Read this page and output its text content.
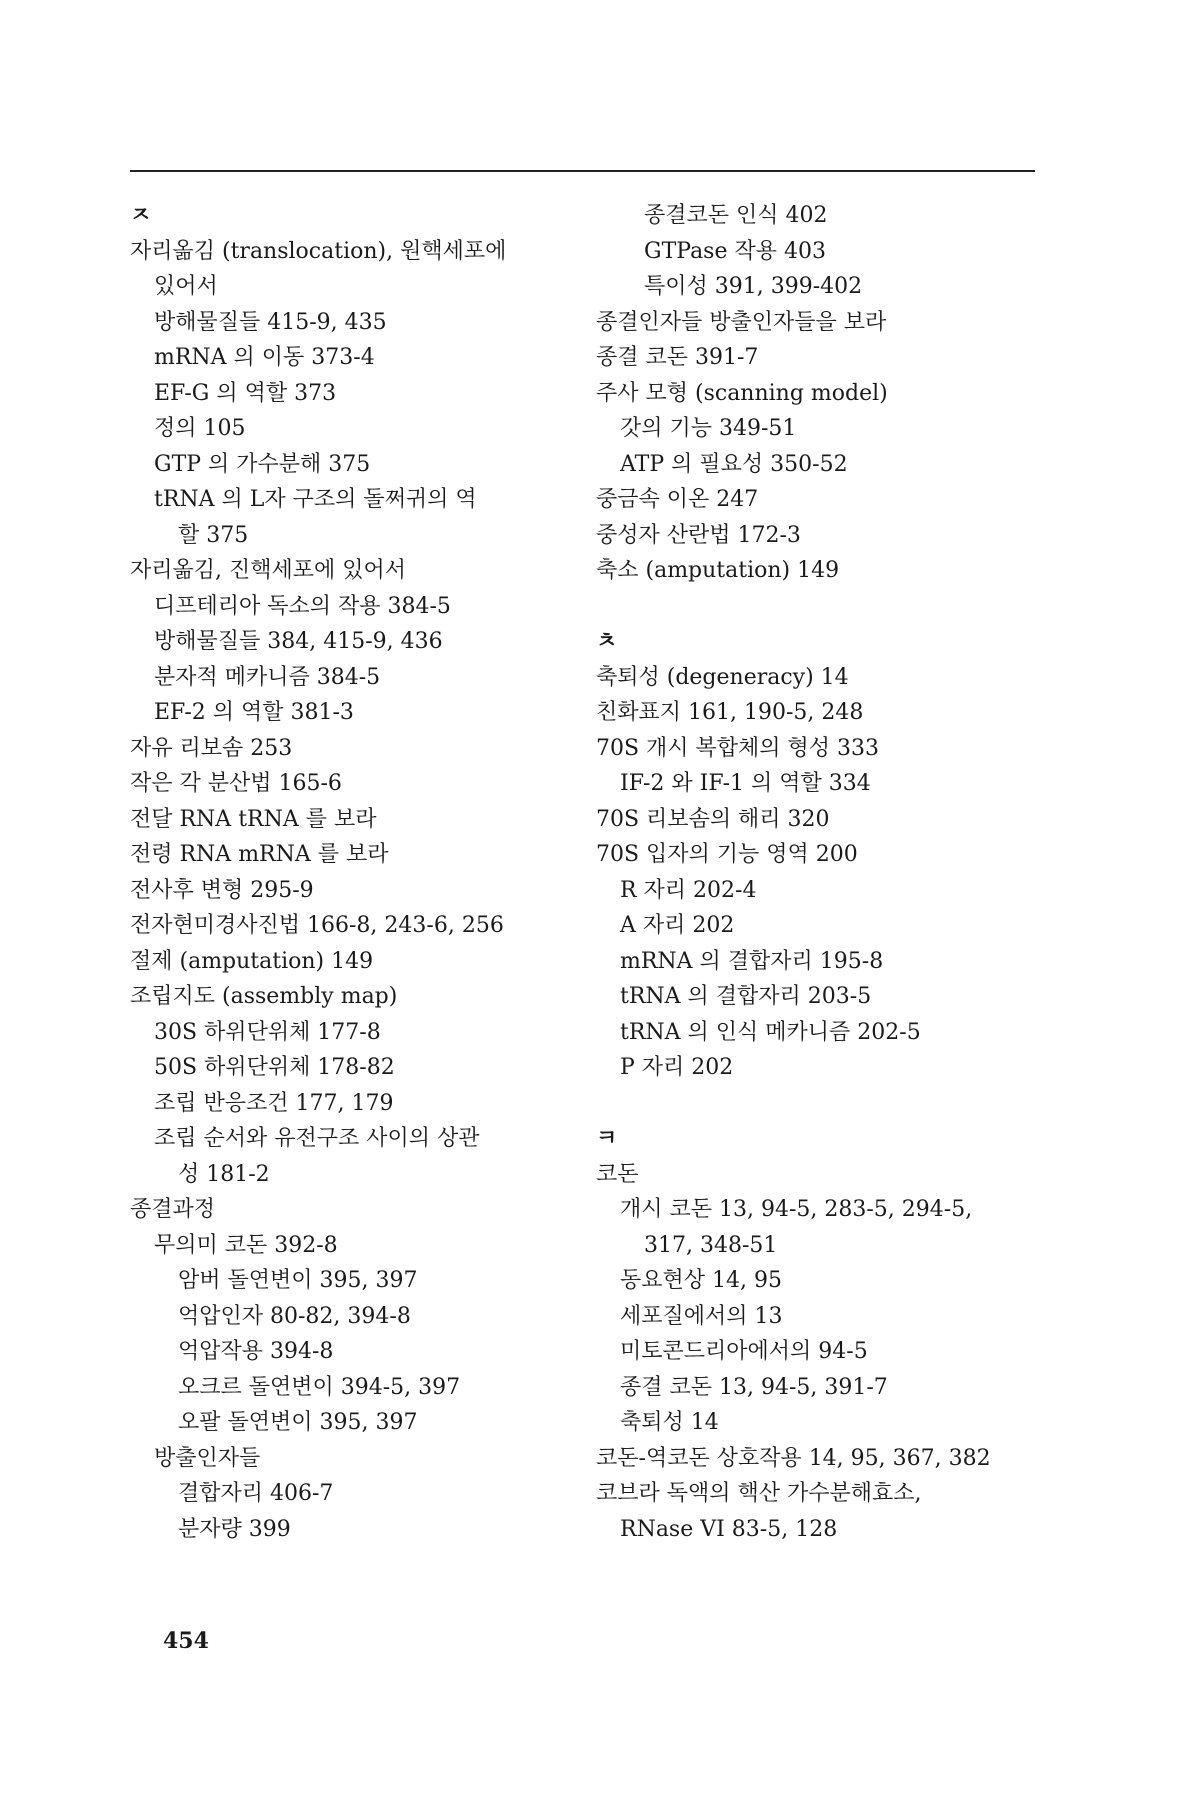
ㅈ
자리옮김 (translocation), 원핵세포에
있어서
방해물질들 415-9, 435
mRNA 의 이동 373-4
EF-G 의 역할 373
정의 105
GTP 의 가수분해 375
tRNA 의 L자 구조의 돌쩌귀의 역
할 375
자리옮김, 진핵세포에 있어서
디프테리아 독소의 작용 384-5
방해물질들 384, 415-9, 436
분자적 메카니즘 384-5
EF-2 의 역할 381-3
자유 리보솜 253
작은 각 분산법 165-6
전달 RNA tRNA 를 보라
전령 RNA mRNA 를 보라
전사후 변형 295-9
전자현미경사진법 166-8, 243-6, 256
절제 (amputation) 149
조립지도 (assembly map)
30S 하위단위체 177-8
50S 하위단위체 178-82
조립 반응조건 177, 179
조립 순서와 유전구조 사이의 상관
성 181-2
종결과정
무의미 코돈 392-8
암버 돌연변이 395, 397
억압인자 80-82, 394-8
억압작용 394-8
오크르 돌연변이 394-5, 397
오팔 돌연변이 395, 397
방출인자들
결합자리 406-7
분자량 399
종결코돈 인식 402
GTPase 작용 403
특이성 391, 399-402
종결인자들 방출인자들을 보라
종결 코돈 391-7
주사 모형 (scanning model)
갓의 기능 349-51
ATP 의 필요성 350-52
중금속 이온 247
중성자 산란법 172-3
축소 (amputation) 149
ㅊ
축퇴성 (degeneracy) 14
친화표지 161, 190-5, 248
70S 개시 복합체의 형성 333
IF-2 와 IF-1 의 역할 334
70S 리보솜의 해리 320
70S 입자의 기능 영역 200
R 자리 202-4
A 자리 202
mRNA 의 결합자리 195-8
tRNA 의 결합자리 203-5
tRNA 의 인식 메카니즘 202-5
P 자리 202
ㅋ
코돈
개시 코돈 13, 94-5, 283-5, 294-5,
317, 348-51
동요현상 14, 95
세포질에서의 13
미토콘드리아에서의 94-5
종결 코돈 13, 94-5, 391-7
축퇴성 14
코돈-역코돈 상호작용 14, 95, 367, 382
코브라 독액의 핵산 가수분해효소,
RNase VI 83-5, 128
454
